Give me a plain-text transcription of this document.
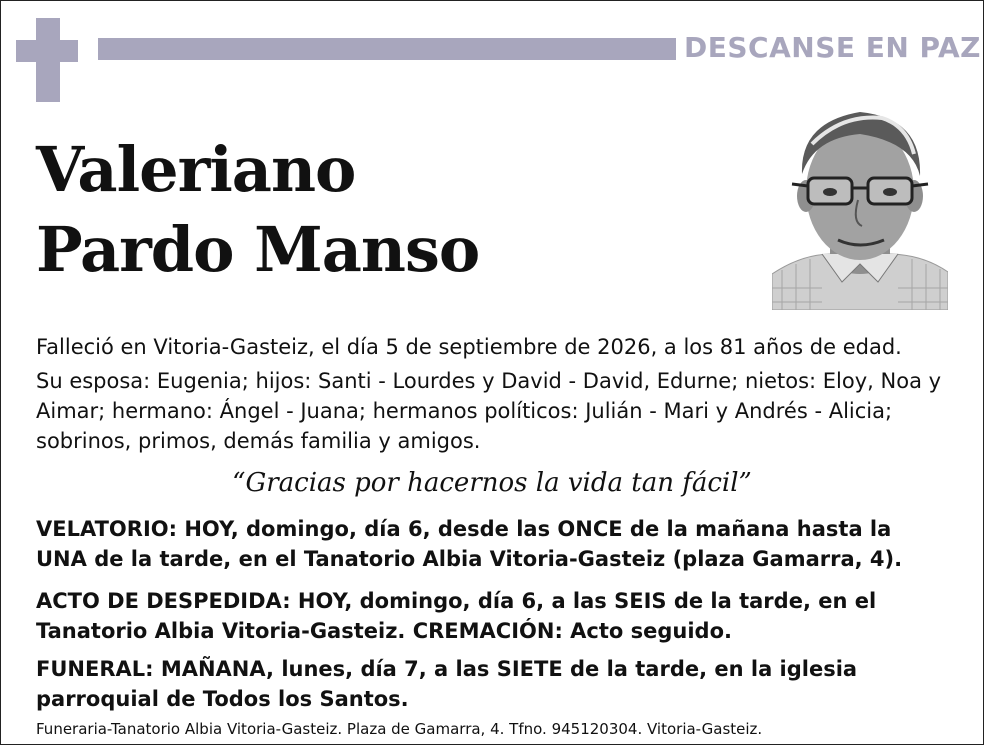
DESCANSE EN PAZ
Valeriano
Pardo Manso
Falleció en Vitoria-Gasteiz, el día 5 de septiembre de 2026, a los 81 años de edad.
Su esposa: Eugenia; hijos: Santi - Lourdes y David - David, Edurne; nietos: Eloy, Noa y Aimar; hermano: Ángel - Juana; hermanos políticos: Julián - Mari y Andrés - Alicia; sobrinos, primos, demás familia y amigos.
“Gracias por hacernos la vida tan fácil”
VELATORIO: HOY, domingo, día 6, desde las ONCE de la mañana hasta la UNA de la tarde, en el Tanatorio Albia Vitoria-Gasteiz (plaza Gamarra, 4).
ACTO DE DESPEDIDA: HOY, domingo, día 6, a las SEIS de la tarde, en el Tanatorio Albia Vitoria-Gasteiz. CREMACIÓN: Acto seguido.
FUNERAL: MAÑANA, lunes, día 7, a las SIETE de la tarde, en la iglesia parroquial de Todos los Santos.
Funeraria-Tanatorio Albia Vitoria-Gasteiz. Plaza de Gamarra, 4. Tfno. 945120304. Vitoria-Gasteiz.
